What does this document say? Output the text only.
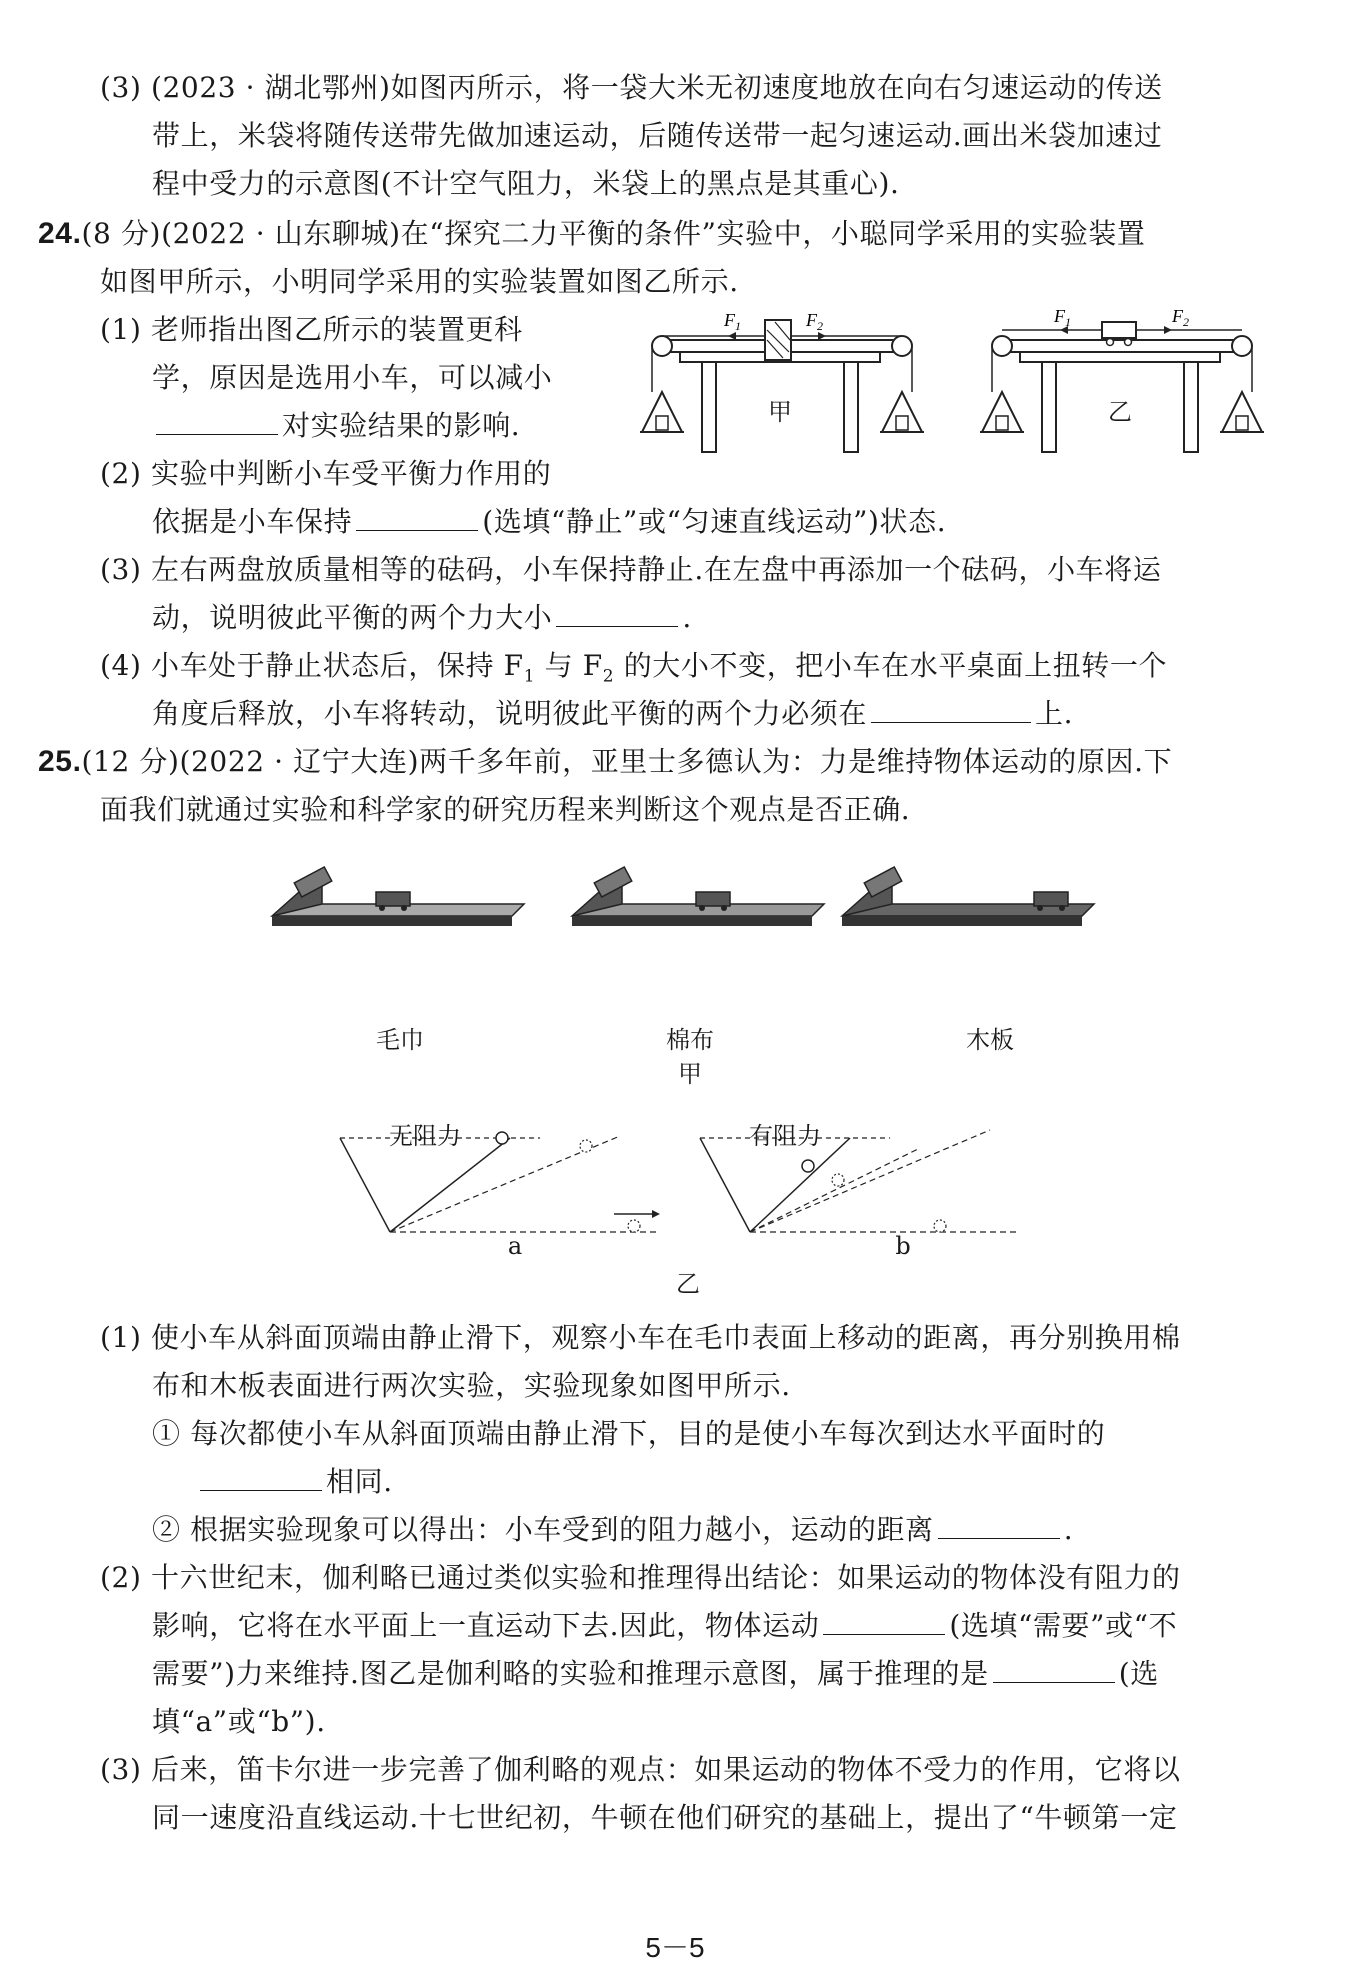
(3) (2023 · 湖北鄂州)如图丙所示，将一袋大米无初速度地放在向右匀速运动的传送
带上，米袋将随传送带先做加速运动，后随传送带一起匀速运动.画出米袋加速过
程中受力的示意图(不计空气阻力，米袋上的黑点是其重心).
24.(8 分)(2022 · 山东聊城)在“探究二力平衡的条件”实验中，小聪同学采用的实验装置
如图甲所示，小明同学采用的实验装置如图乙所示.
(1) 老师指出图乙所示的装置更科
学，原因是选用小车，可以减小
对实验结果的影响.
(2) 实验中判断小车受平衡力作用的
依据是小车保持	(选填“静止”或“匀速直线运动”)状态.
(3) 左右两盘放质量相等的砝码，小车保持静止.在左盘中再添加一个砝码，小车将运
动，说明彼此平衡的两个力大小	.
(4) 小车处于静止状态后，保持 $F_1$ 与 $F_2$ 的大小不变，把小车在水平桌面上扭转一个
角度后释放，小车将转动，说明彼此平衡的两个力必须在	上.
$F_1$	$F_2$
甲
$F_1$	$F_2$
乙
25.(12 分)(2022 · 辽宁大连)两千多年前，亚里士多德认为：力是维持物体运动的原因.下
面我们就通过实验和科学家的研究历程来判断这个观点是否正确.
毛巾	棉布	木板
甲
无阻力	有阻力
a	b
乙
(1) 使小车从斜面顶端由静止滑下，观察小车在毛巾表面上移动的距离，再分别换用棉
布和木板表面进行两次实验，实验现象如图甲所示.
① 每次都使小车从斜面顶端由静止滑下，目的是使小车每次到达水平面时的
相同.
② 根据实验现象可以得出：小车受到的阻力越小，运动的距离	.
(2) 十六世纪末，伽利略已通过类似实验和推理得出结论：如果运动的物体没有阻力的
影响，它将在水平面上一直运动下去.因此，物体运动	(选填“需要”或“不
需要”)力来维持.图乙是伽利略的实验和推理示意图，属于推理的是	(选
填“a”或“b”).
(3) 后来，笛卡尔进一步完善了伽利略的观点：如果运动的物体不受力的作用，它将以
同一速度沿直线运动.十七世纪初，牛顿在他们研究的基础上，提出了“牛顿第一定
5－5
